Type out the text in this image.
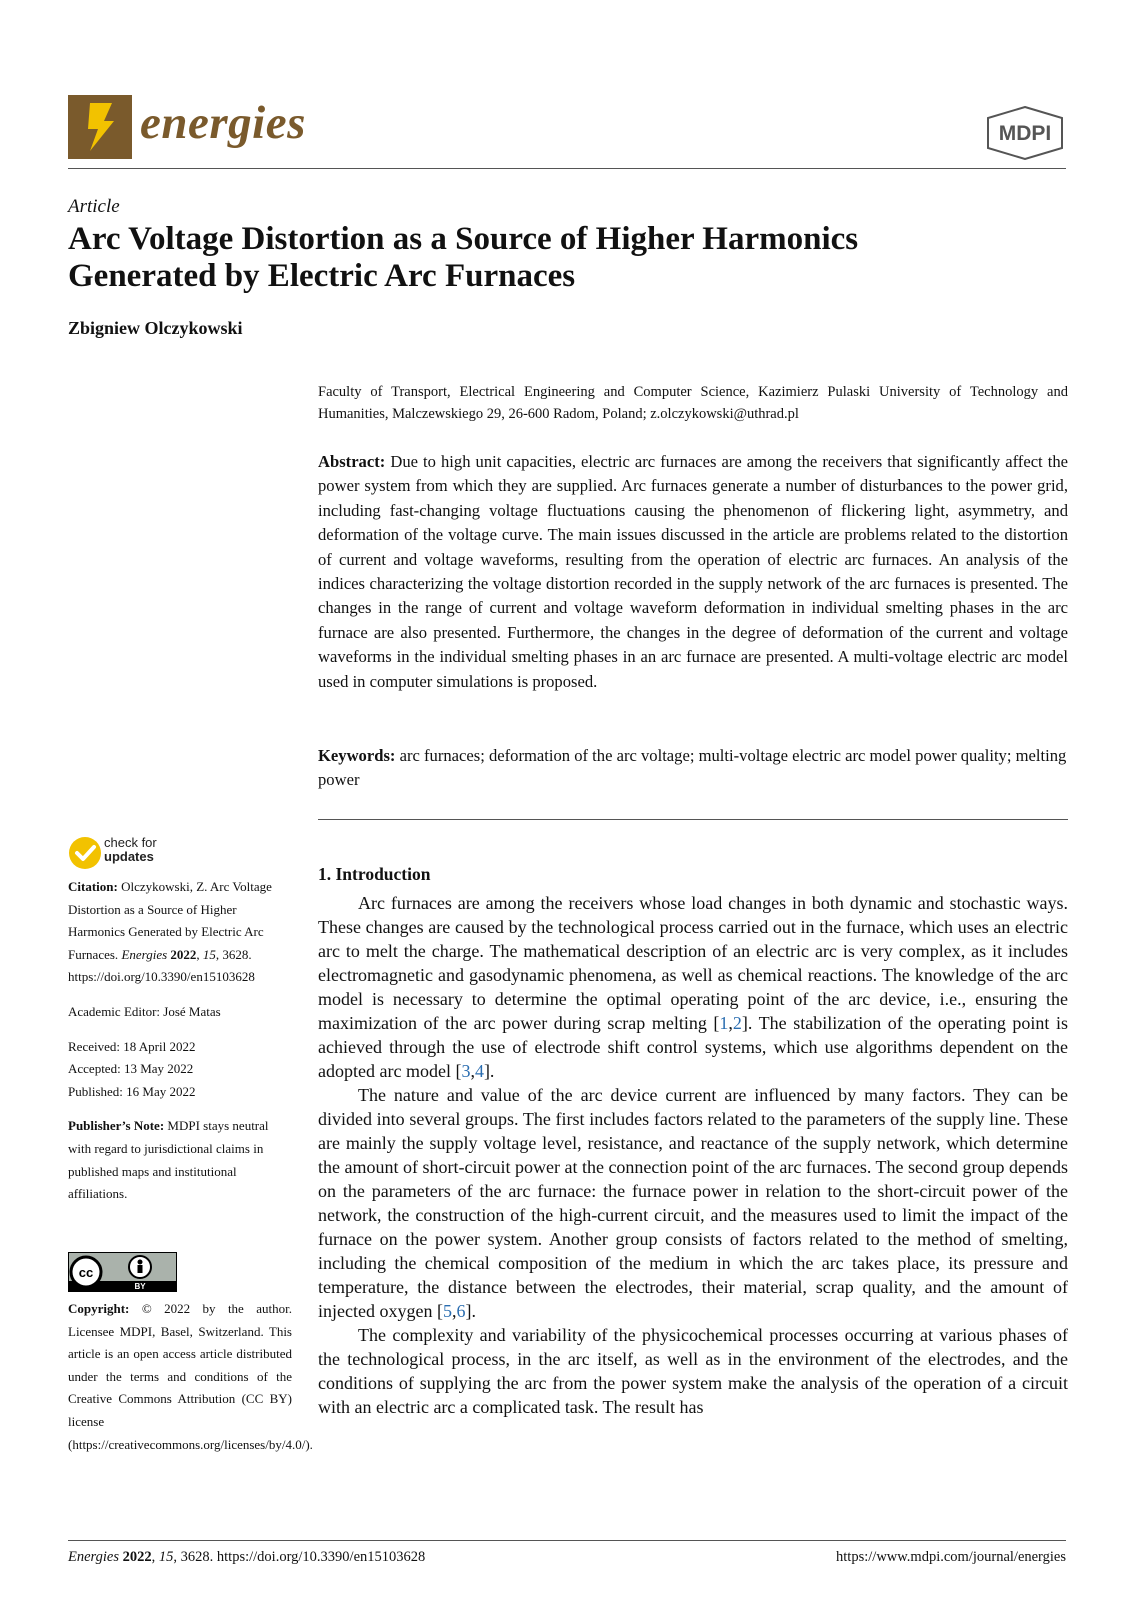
energies	MDPI
Article
Arc Voltage Distortion as a Source of Higher Harmonics
Generated by Electric Arc Furnaces
Zbigniew Olczykowski
Faculty of Transport, Electrical Engineering and Computer Science, Kazimierz Pulaski University of Technology and Humanities, Malczewskiego 29, 26-600 Radom, Poland; z.olczykowski@uthrad.pl
Abstract: Due to high unit capacities, electric arc furnaces are among the receivers that significantly affect the power system from which they are supplied. Arc furnaces generate a number of disturbances to the power grid, including fast-changing voltage fluctuations causing the phenomenon of flickering light, asymmetry, and deformation of the voltage curve. The main issues discussed in the article are problems related to the distortion of current and voltage waveforms, resulting from the operation of electric arc furnaces. An analysis of the indices characterizing the voltage distortion recorded in the supply network of the arc furnaces is presented. The changes in the range of current and voltage waveform deformation in individual smelting phases in the arc furnace are also presented. Furthermore, the changes in the degree of deformation of the current and voltage waveforms in the individual smelting phases in an arc furnace are presented. A multi-voltage electric arc model used in computer simulations is proposed.
Keywords: arc furnaces; deformation of the arc voltage; multi-voltage electric arc model power quality; melting power
1. Introduction

Arc furnaces are among the receivers whose load changes in both dynamic and stochastic ways. These changes are caused by the technological process carried out in the furnace, which uses an electric arc to melt the charge. The mathematical description of an electric arc is very complex, as it includes electromagnetic and gasodynamic phenomena, as well as chemical reactions. The knowledge of the arc model is necessary to determine the optimal operating point of the arc device, i.e., ensuring the maximization of the arc power during scrap melting [1,2]. The stabilization of the operating point is achieved through the use of electrode shift control systems, which use algorithms dependent on the adopted arc model [3,4].

The nature and value of the arc device current are influenced by many factors. They can be divided into several groups. The first includes factors related to the parameters of the supply line. These are mainly the supply voltage level, resistance, and reactance of the supply network, which determine the amount of short-circuit power at the connection point of the arc furnaces. The second group depends on the parameters of the arc furnace: the furnace power in relation to the short-circuit power of the network, the construction of the high-current circuit, and the measures used to limit the impact of the furnace on the power system. Another group consists of factors related to the method of smelting, including the chemical composition of the medium in which the arc takes place, its pressure and temperature, the distance between the electrodes, their material, scrap quality, and the amount of injected oxygen [5,6].

The complexity and variability of the physicochemical processes occurring at various phases of the technological process, in the arc itself, as well as in the environment of the electrodes, and the conditions of supplying the arc from the power system make the analysis of the operation of a circuit with an electric arc a complicated task. The result has

check for
updates
Citation: Olczykowski, Z. Arc Voltage Distortion as a Source of Higher Harmonics Generated by Electric Arc Furnaces. Energies 2022, 15, 3628. https://doi.org/10.3390/en15103628
Academic Editor: José Matas
Received: 18 April 2022
Accepted: 13 May 2022
Published: 16 May 2022
Publisher’s Note: MDPI stays neutral with regard to jurisdictional claims in published maps and institutional affiliations.
cc
BY
Copyright: © 2022 by the author. Licensee MDPI, Basel, Switzerland. This article is an open access article distributed under the terms and conditions of the Creative Commons Attribution (CC BY) license (https://creativecommons.org/licenses/by/4.0/).
Energies 2022, 15, 3628. https://doi.org/10.3390/en15103628	https://www.mdpi.com/journal/energies
